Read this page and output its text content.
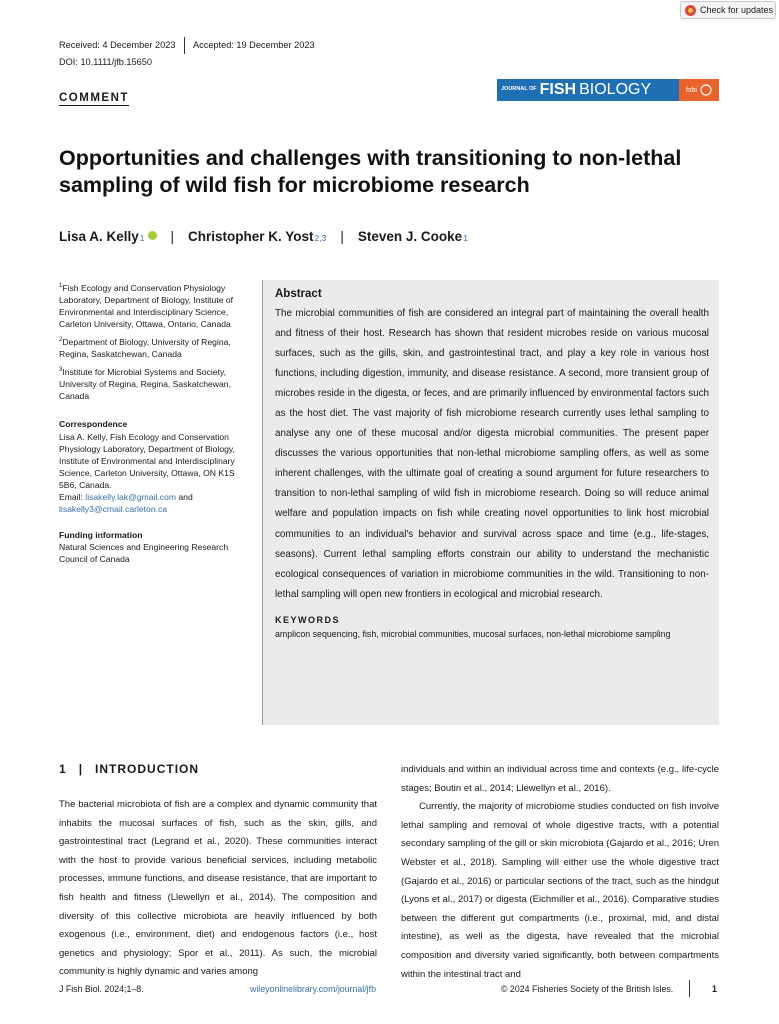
Check for updates
Received: 4 December 2023 Accepted: 19 December 2023
DOI: 10.1111/jfb.15650
COMMENT
JOURNAL OF FISH BIOLOGY	fsbi
Opportunities and challenges with transitioning to non-lethal sampling of wild fish for microbiome research
Lisa A. Kelly 1 | Christopher K. Yost 2,3 | Steven J. Cooke 1

$^1$Fish Ecology and Conservation Physiology Laboratory, Department of Biology, Institute of Environmental and Interdisciplinary Science, Carleton University, Ottawa, Ontario, Canada

$^2$Department of Biology, University of Regina, Regina, Saskatchewan, Canada

$^3$Institute for Microbial Systems and Society, University of Regina, Regina, Saskatchewan, Canada

Correspondence
Lisa A. Kelly, Fish Ecology and Conservation Physiology Laboratory, Department of Biology, Institute of Environmental and Interdisciplinary Science, Carleton University, Ottawa, ON K1S 5B6, Canada.
Email: lisakelly.lak@gmail.com and lisakelly3@cmail.carleton.ca
Funding information
Natural Sciences and Engineering Research Council of Canada
Abstract
The microbial communities of fish are considered an integral part of maintaining the overall health and fitness of their host. Research has shown that resident microbes reside on various mucosal surfaces, such as the gills, skin, and gastrointestinal tract, and play a key role in various host functions, including digestion, immunity, and disease resistance. A second, more transient group of microbes reside in the digesta, or feces, and are primarily influenced by environmental factors such as the host diet. The vast majority of fish microbiome research currently uses lethal sampling to analyse any one of these mucosal and/or digesta microbial communities. The present paper discusses the various opportunities that non-lethal microbiome sampling offers, as well as some inherent challenges, with the ultimate goal of creating a sound argument for future researchers to transition to non-lethal sampling of wild fish in microbiome research. Doing so will reduce animal welfare and population impacts on fish while creating novel opportunities to link host microbial communities to an individual's behavior and survival across space and time (e.g., life-stages, seasons). Current lethal sampling efforts constrain our ability to understand the mechanistic ecological consequences of variation in microbiome communities in the wild. Transitioning to non-lethal sampling will open new frontiers in ecological and microbial research.
KEYWORDS
amplicon sequencing, fish, microbial communities, mucosal surfaces, non-lethal microbiome sampling
1 | INTRODUCTION

The bacterial microbiota of fish are a complex and dynamic community that inhabits the mucosal surfaces of fish, such as the skin, gills, and gastrointestinal tract (Legrand et al., 2020). These communities interact with the host to provide various beneficial services, including metabolic processes, immune functions, and disease resistance, that are important to fish health and fitness (Llewellyn et al., 2014). The composition and diversity of this collective microbiota are heavily influenced by both exogenous (i.e., environment, diet) and endogenous factors (i.e., host genetics and physiology; Spor et al., 2011). As such, the microbial community is highly dynamic and varies among

individuals and within an individual across time and contexts (e.g., life-cycle stages; Boutin et al., 2014; Llewellyn et al., 2016).

Currently, the majority of microbiome studies conducted on fish involve lethal sampling and removal of whole digestive tracts, with a potential secondary sampling of the gill or skin microbiota (Gajardo et al., 2016; Uren Webster et al., 2018). Sampling will either use the whole digestive tract (Gajardo et al., 2016) or particular sections of the tract, such as the hindgut (Lyons et al., 2017) or digesta (Eichmiller et al., 2016). Comparative studies between the different gut compartments (i.e., proximal, mid, and distal intestine), as well as the digesta, have revealed that the microbial composition and diversity varied significantly, both between compartments within the intestinal tract and

J Fish Biol. 2024;1–8.	wileyonlinelibrary.com/journal/jfb	© 2024 Fisheries Society of the British Isles.	1
